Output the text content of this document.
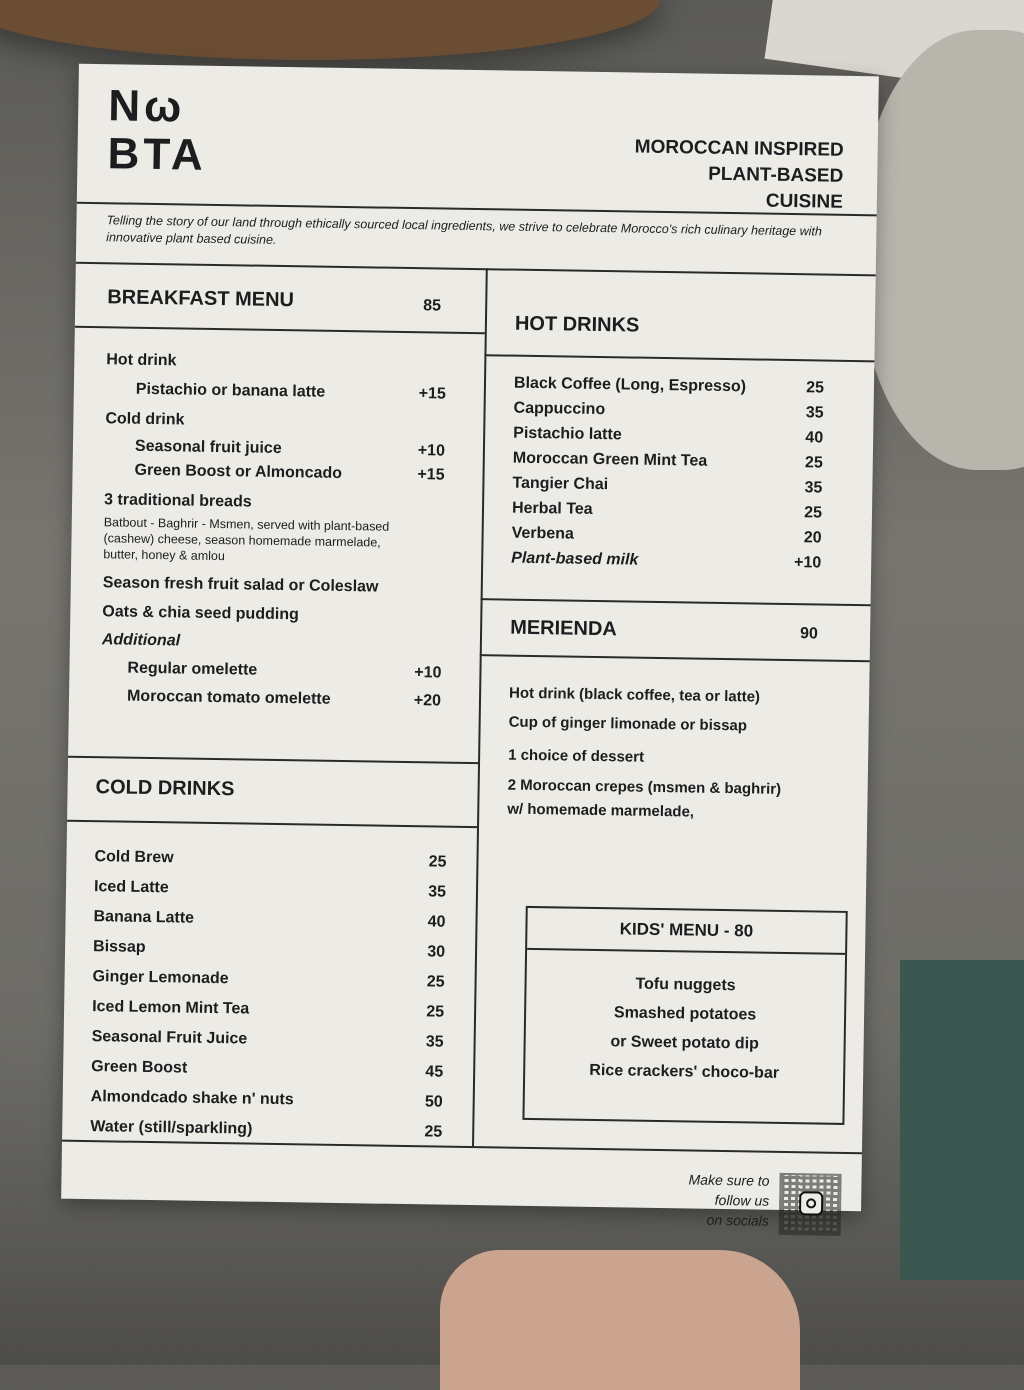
Nω
BTA	MOROCCAN INSPIRED
PLANT-BASED
CUISINE
Telling the story of our land through ethically sourced local ingredients, we strive to celebrate Morocco's rich culinary heritage with innovative plant based cuisine.
BREAKFAST MENU	85
Hot drink
Pistachio or banana latte	+15
Cold drink
Seasonal fruit juice	+10
Green Boost or Almoncado	+15
3 traditional breads
Batbout - Baghrir - Msmen, served with plant-based (cashew) cheese, season homemade marmelade, butter, honey & amlou
Season fresh fruit salad or Coleslaw
Oats & chia seed pudding
Additional
Regular omelette	+10
Moroccan tomato omelette	+20
COLD DRINKS
Cold Brew	25
Iced Latte	35
Banana Latte	40
Bissap	30
Ginger Lemonade	25
Iced Lemon Mint Tea	25
Seasonal Fruit Juice	35
Green Boost	45
Almondcado shake n' nuts	50
Water (still/sparkling)	25
HOT DRINKS
Black Coffee (Long, Espresso)	25
Cappuccino	35
Pistachio latte	40
Moroccan Green Mint Tea	25
Tangier Chai	35
Herbal Tea	25
Verbena	20
Plant-based milk	+10
MERIENDA	90
Hot drink (black coffee, tea or latte)
Cup of ginger limonade or bissap
1 choice of dessert
2 Moroccan crepes (msmen & baghrir)
w/ homemade marmelade,
KIDS' MENU - 80
Tofu nuggets
Smashed potatoes
or Sweet potato dip
Rice crackers' choco-bar
Make sure to
follow us
on socials
